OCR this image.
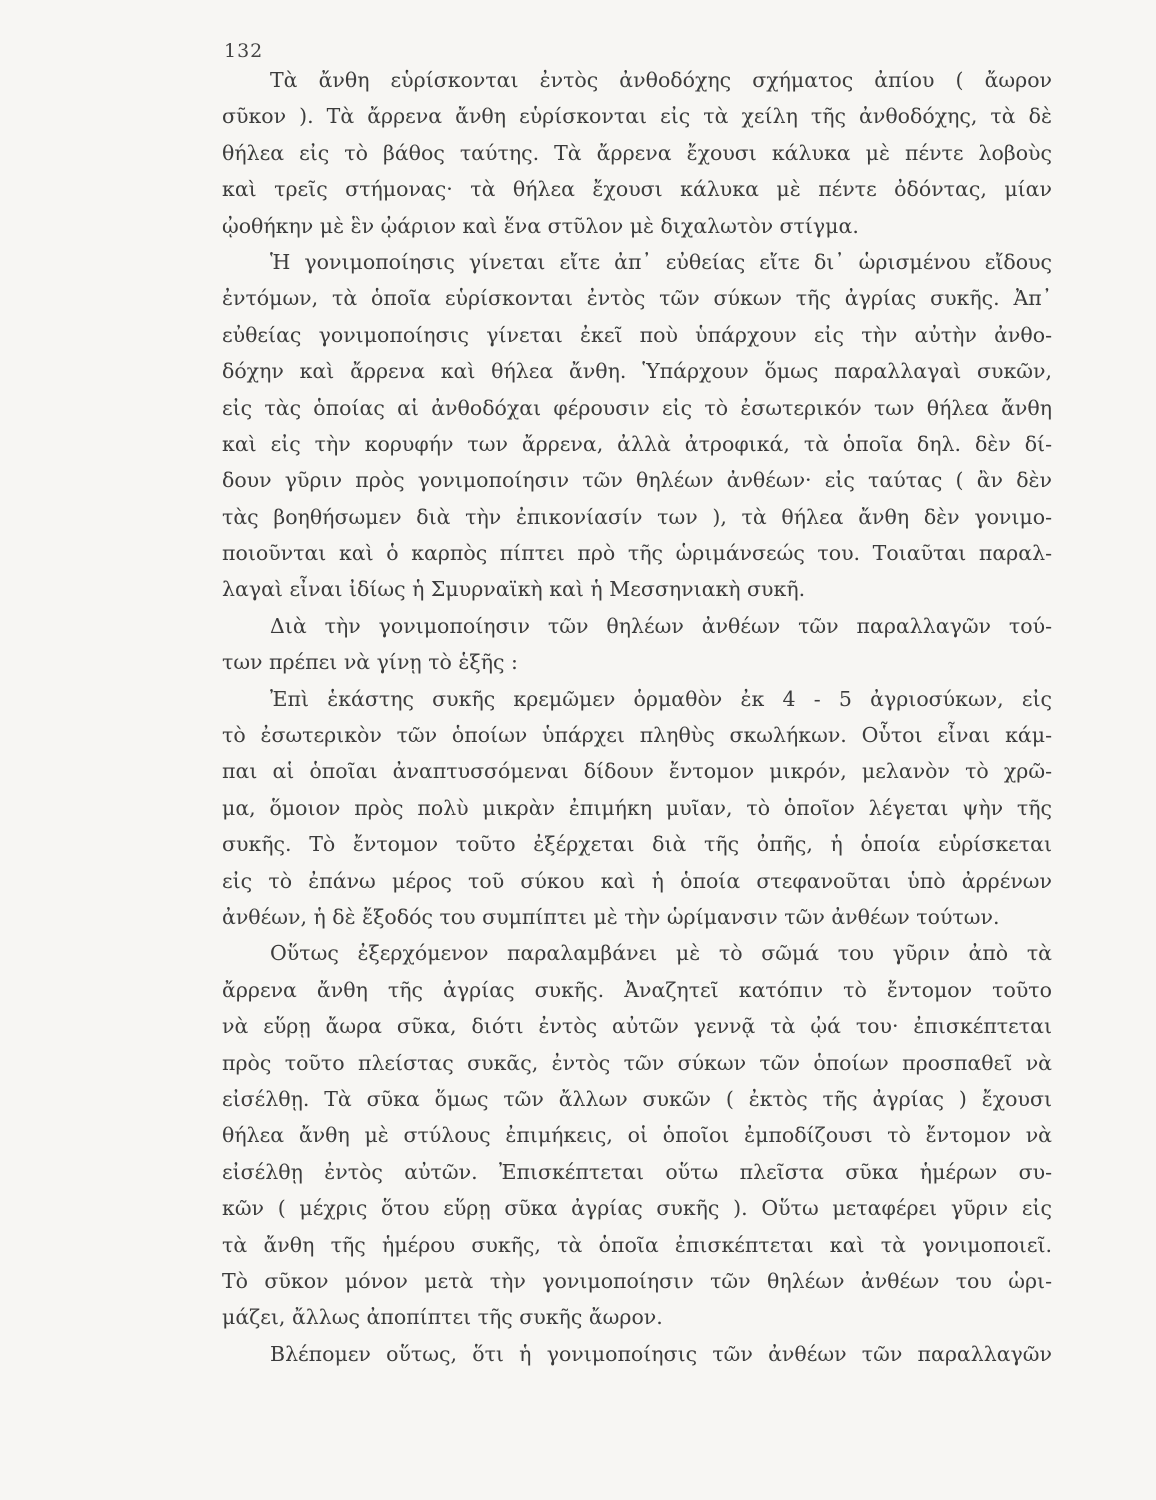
132
Τὰ ἄνθη εὑρίσκονται ἐντὸς ἀνθοδόχης σχήματος ἀπίου ( ἄωρον
σῦκον ). Τὰ ἄρρενα ἄνθη εὑρίσκονται εἰς τὰ χείλη τῆς ἀνθοδόχης, τὰ δὲ
θήλεα εἰς τὸ βάθος ταύτης. Τὰ ἄρρενα ἔχουσι κάλυκα μὲ πέντε λοβοὺς
καὶ τρεῖς στήμονας· τὰ θήλεα ἔχουσι κάλυκα μὲ πέντε ὀδόντας, μίαν
ᾠοθήκην μὲ ἓν ᾠάριον καὶ ἕνα στῦλον μὲ διχαλωτὸν στίγμα.
Ἡ γονιμοποίησις γίνεται εἴτε ἀπ᾽ εὐθείας εἴτε δι᾽ ὡρισμένου εἴδους
ἐντόμων, τὰ ὁποῖα εὑρίσκονται ἐντὸς τῶν σύκων τῆς ἀγρίας συκῆς. Ἀπ᾽
εὐθείας γονιμοποίησις γίνεται ἐκεῖ ποὺ ὑπάρχουν εἰς τὴν αὐτὴν ἀνθο-
δόχην καὶ ἄρρενα καὶ θήλεα ἄνθη. Ὑπάρχουν ὅμως παραλλαγαὶ συκῶν,
εἰς τὰς ὁποίας αἱ ἀνθοδόχαι φέρουσιν εἰς τὸ ἐσωτερικόν των θήλεα ἄνθη
καὶ εἰς τὴν κορυφήν των ἄρρενα, ἀλλὰ ἀτροφικά, τὰ ὁποῖα δηλ. δὲν δί-
δουν γῦριν πρὸς γονιμοποίησιν τῶν θηλέων ἀνθέων· εἰς ταύτας ( ἂν δὲν
τὰς βοηθήσωμεν διὰ τὴν ἐπικονίασίν των ), τὰ θήλεα ἄνθη δὲν γονιμο-
ποιοῦνται καὶ ὁ καρπὸς πίπτει πρὸ τῆς ὡριμάνσεώς του. Τοιαῦται παραλ-
λαγαὶ εἶναι ἰδίως ἡ Σμυρναϊκὴ καὶ ἡ Μεσσηνιακὴ συκῆ.
Διὰ τὴν γονιμοποίησιν τῶν θηλέων ἀνθέων τῶν παραλλαγῶν τού-
των πρέπει νὰ γίνῃ τὸ ἑξῆς :
Ἐπὶ ἑκάστης συκῆς κρεμῶμεν ὁρμαθὸν ἐκ 4 - 5 ἀγριοσύκων, εἰς
τὸ ἐσωτερικὸν τῶν ὁποίων ὑπάρχει πληθὺς σκωλήκων. Οὗτοι εἶναι κάμ-
παι αἱ ὁποῖαι ἀναπτυσσόμεναι δίδουν ἔντομον μικρόν, μελανὸν τὸ χρῶ-
μα, ὅμοιον πρὸς πολὺ μικρὰν ἐπιμήκη μυῖαν, τὸ ὁποῖον λέγεται ψὴν τῆς
συκῆς. Τὸ ἔντομον τοῦτο ἐξέρχεται διὰ τῆς ὀπῆς, ἡ ὁποία εὑρίσκεται
εἰς τὸ ἐπάνω μέρος τοῦ σύκου καὶ ἡ ὁποία στεφανοῦται ὑπὸ ἀρρένων
ἀνθέων, ἡ δὲ ἔξοδός του συμπίπτει μὲ τὴν ὡρίμανσιν τῶν ἀνθέων τούτων.
Οὕτως ἐξερχόμενον παραλαμβάνει μὲ τὸ σῶμά του γῦριν ἀπὸ τὰ
ἄρρενα ἄνθη τῆς ἀγρίας συκῆς. Ἀναζητεῖ κατόπιν τὸ ἔντομον τοῦτο
νὰ εὕρῃ ἄωρα σῦκα, διότι ἐντὸς αὐτῶν γεννᾷ τὰ ᾠά του· ἐπισκέπτεται
πρὸς τοῦτο πλείστας συκᾶς, ἐντὸς τῶν σύκων τῶν ὁποίων προσπαθεῖ νὰ
εἰσέλθῃ. Τὰ σῦκα ὅμως τῶν ἄλλων συκῶν ( ἐκτὸς τῆς ἀγρίας ) ἔχουσι
θήλεα ἄνθη μὲ στύλους ἐπιμήκεις, οἱ ὁποῖοι ἐμποδίζουσι τὸ ἔντομον νὰ
εἰσέλθῃ ἐντὸς αὐτῶν. Ἐπισκέπτεται οὕτω πλεῖστα σῦκα ἡμέρων συ-
κῶν ( μέχρις ὅτου εὕρῃ σῦκα ἀγρίας συκῆς ). Οὕτω μεταφέρει γῦριν εἰς
τὰ ἄνθη τῆς ἡμέρου συκῆς, τὰ ὁποῖα ἐπισκέπτεται καὶ τὰ γονιμοποιεῖ.
Τὸ σῦκον μόνον μετὰ τὴν γονιμοποίησιν τῶν θηλέων ἀνθέων του ὡρι-
μάζει, ἄλλως ἀποπίπτει τῆς συκῆς ἄωρον.
Βλέπομεν οὕτως, ὅτι ἡ γονιμοποίησις τῶν ἀνθέων τῶν παραλλαγῶν
